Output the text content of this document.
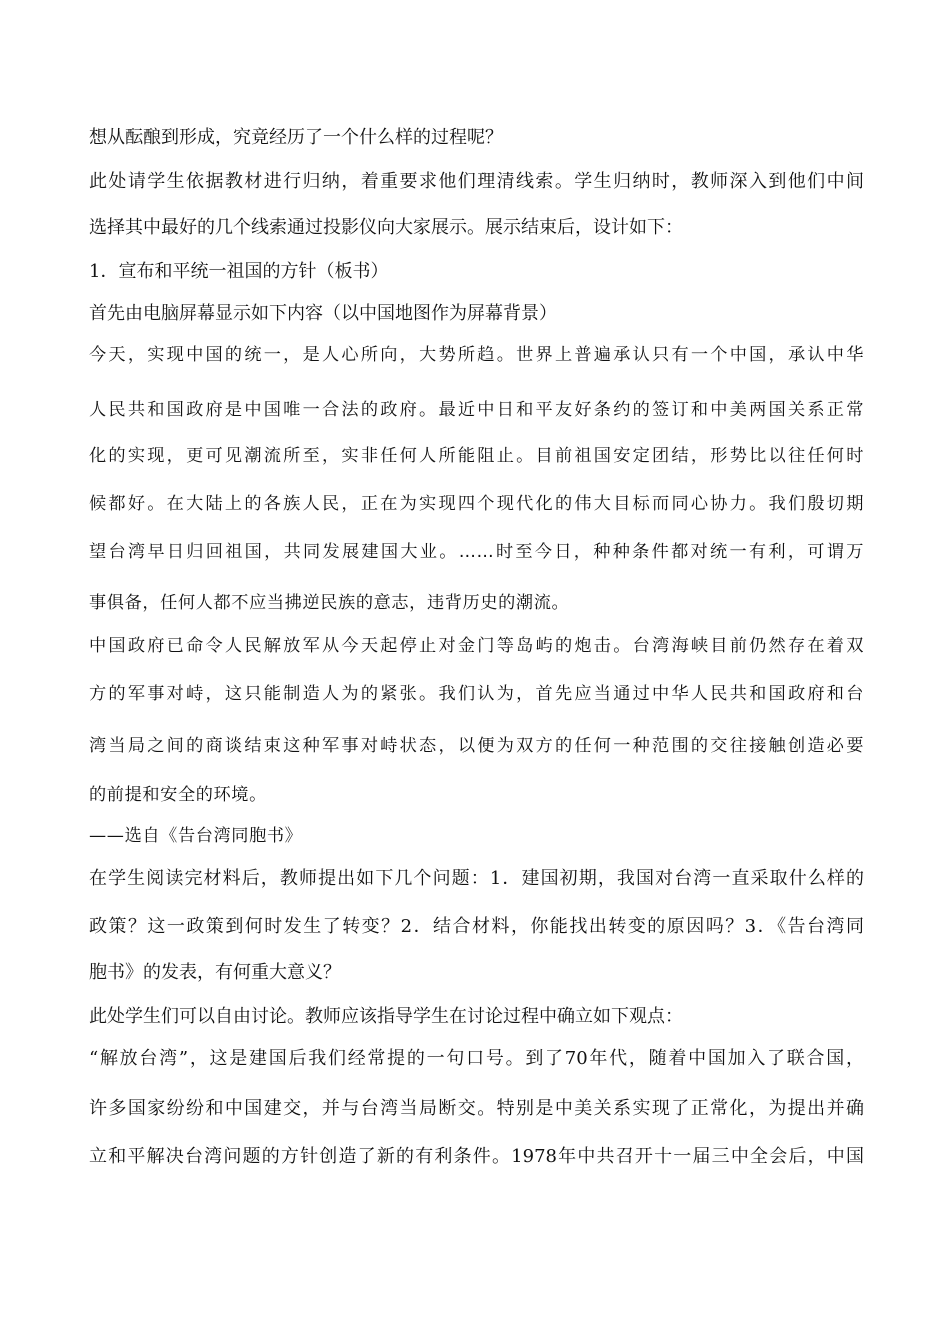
想从酝酿到形成，究竟经历了一个什么样的过程呢？
此处请学生依据教材进行归纳，着重要求他们理清线索。学生归纳时，教师深入到他们中间
选择其中最好的几个线索通过投影仪向大家展示。展示结束后，设计如下：
1．宣布和平统一祖国的方针（板书）
首先由电脑屏幕显示如下内容（以中国地图作为屏幕背景）
今天，实现中国的统一，是人心所向，大势所趋。世界上普遍承认只有一个中国，承认中华
人民共和国政府是中国唯一合法的政府。最近中日和平友好条约的签订和中美两国关系正常
化的实现，更可见潮流所至，实非任何人所能阻止。目前祖国安定团结，形势比以往任何时
候都好。在大陆上的各族人民，正在为实现四个现代化的伟大目标而同心协力。我们殷切期
望台湾早日归回祖国，共同发展建国大业。……时至今日，种种条件都对统一有利，可谓万
事俱备，任何人都不应当拂逆民族的意志，违背历史的潮流。
中国政府已命令人民解放军从今天起停止对金门等岛屿的炮击。台湾海峡目前仍然存在着双
方的军事对峙，这只能制造人为的紧张。我们认为，首先应当通过中华人民共和国政府和台
湾当局之间的商谈结束这种军事对峙状态，以便为双方的任何一种范围的交往接触创造必要
的前提和安全的环境。
——选自《告台湾同胞书》
在学生阅读完材料后，教师提出如下几个问题：1．建国初期，我国对台湾一直采取什么样的
政策？这一政策到何时发生了转变？2．结合材料，你能找出转变的原因吗？3．《告台湾同
胞书》的发表，有何重大意义？
此处学生们可以自由讨论。教师应该指导学生在讨论过程中确立如下观点：
“解放台湾”，这是建国后我们经常提的一句口号。到了70年代，随着中国加入了联合国，
许多国家纷纷和中国建交，并与台湾当局断交。特别是中美关系实现了正常化，为提出并确
立和平解决台湾问题的方针创造了新的有利条件。1978年中共召开十一届三中全会后，中国
